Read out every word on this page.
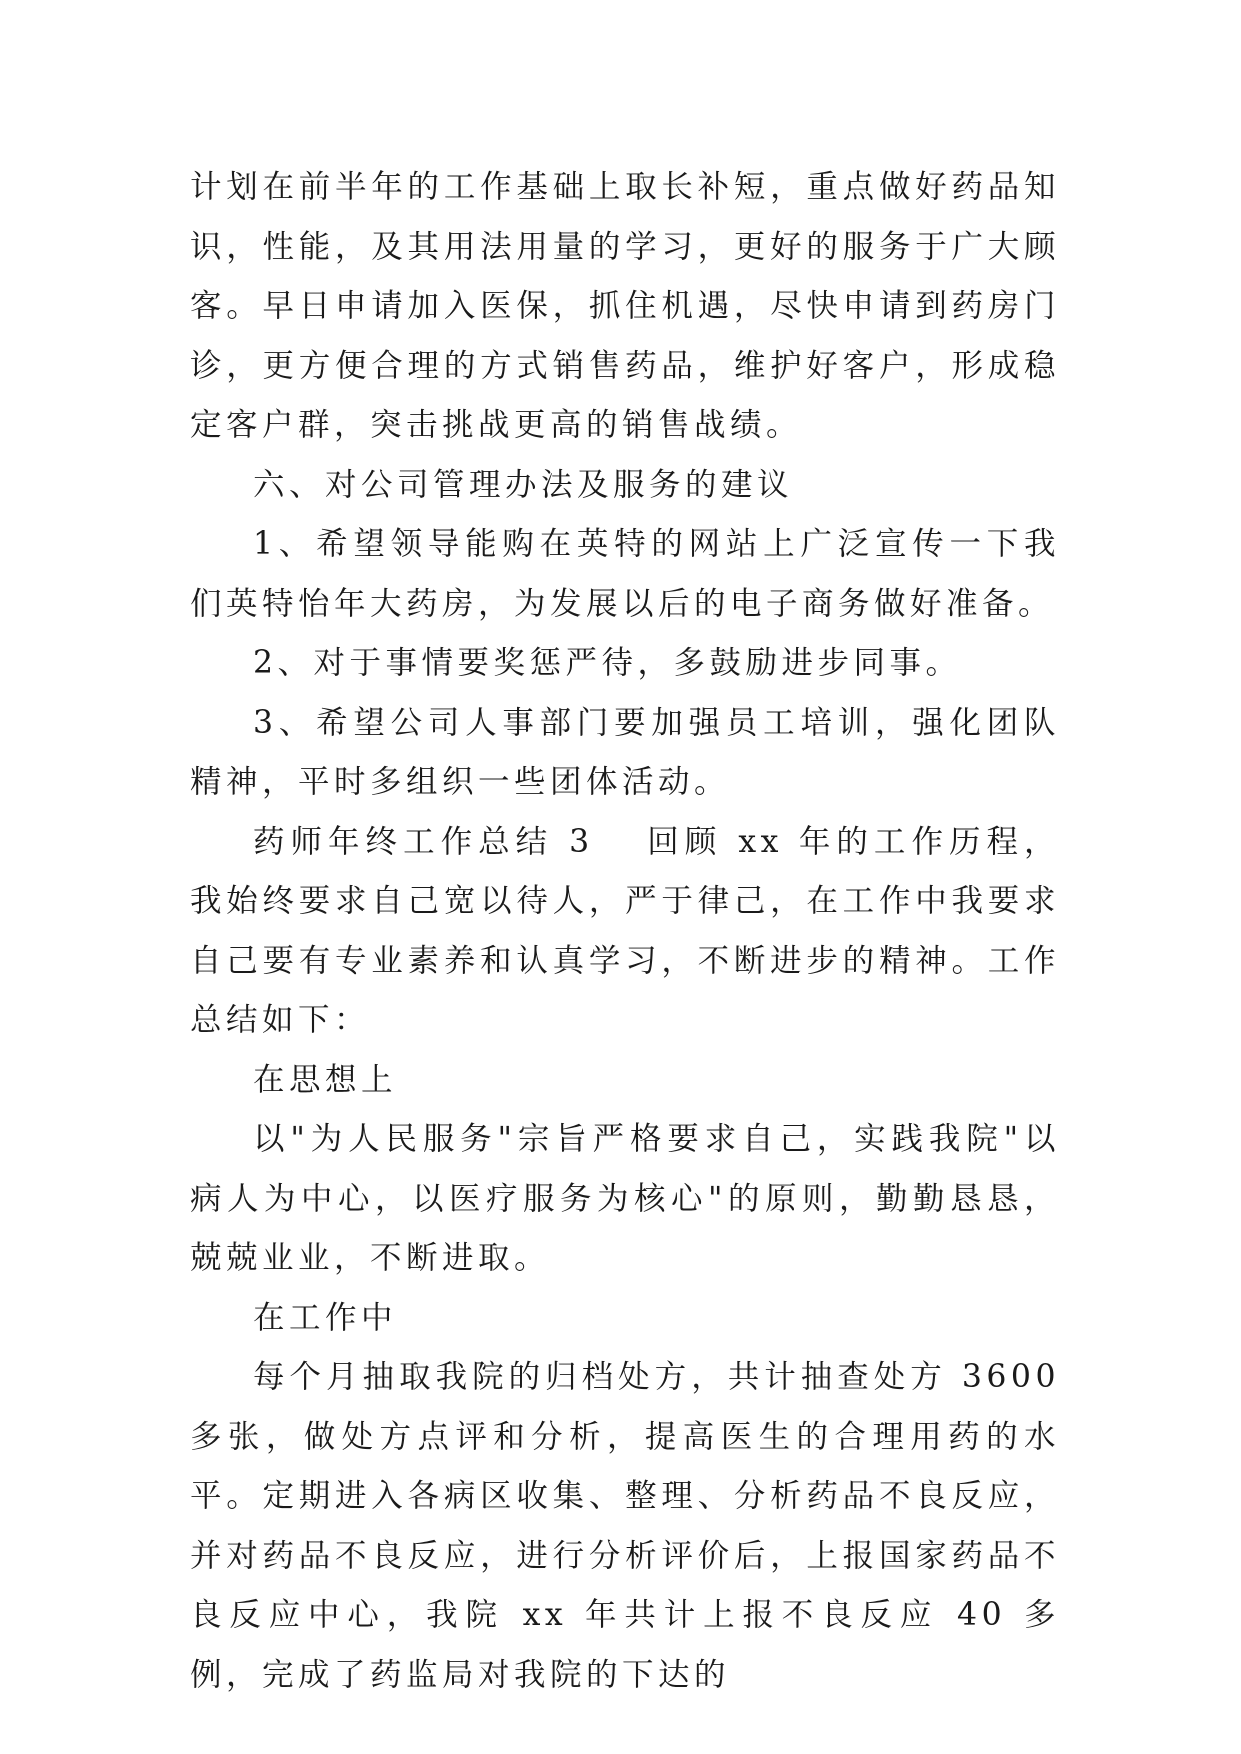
计划在前半年的工作基础上取长补短，重点做好药品知识，性能，及其用法用量的学习，更好的服务于广大顾客。早日申请加入医保，抓住机遇，尽快申请到药房门诊，更方便合理的方式销售药品，维护好客户，形成稳定客户群，突击挑战更高的销售战绩。

六、对公司管理办法及服务的建议

1、希望领导能购在英特的网站上广泛宣传一下我们英特怡年大药房，为发展以后的电子商务做好准备。

2、对于事情要奖惩严待，多鼓励进步同事。

3、希望公司人事部门要加强员工培训，强化团队精神，平时多组织一些团体活动。

药师年终工作总结 3 回顾 xx 年的工作历程，我始终要求自己宽以待人，严于律己，在工作中我要求自己要有专业素养和认真学习，不断进步的精神。工作总结如下：

在思想上

以"为人民服务"宗旨严格要求自己，实践我院"以病人为中心，以医疗服务为核心"的原则，勤勤恳恳，兢兢业业，不断进取。

在工作中

每个月抽取我院的归档处方，共计抽查处方 3600 多张，做处方点评和分析，提高医生的合理用药的水平。定期进入各病区收集、整理、分析药品不良反应，并对药品不良反应，进行分析评价后，上报国家药品不良反应中心，我院 xx 年共计上报不良反应 40 多例，完成了药监局对我院的下达的
